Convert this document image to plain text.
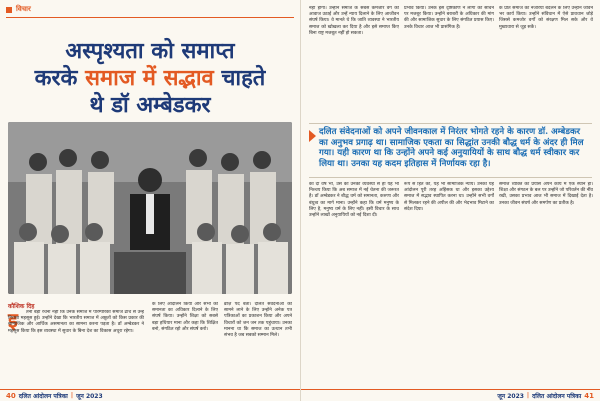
विचार
अस्पृश्यता को समाप्त
करके समाज में सद्भाव चाहते
थे डॉ अम्बेडकर
कौशिक दिह
इ	तनी बड़ी रचना नहीं कि उनके समाज में पारम्परिकी समाज ढांचे से उन्हें निराशा महसूस हुई। उन्होंने देखा कि भारतीय समाज में अछूतों को किस प्रकार की सामाजिक और आर्थिक असमानता का सामना करना पड़ता है। डॉ अम्बेडकर ने महसूस किया कि इस व्यवस्था में सुधार के बिना देश का विकास अधूरा रहेगा।

के लिए आंदोलन किया और सभी को समानता का अधिकार दिलाने के लिए संघर्ष किया। उन्होंने शिक्षा को सबसे बड़ा हथियार माना और कहा कि शिक्षित बनो, संगठित रहो और संघर्ष करो।

ब्रीज़ पद बता। दलित संवेदनाओं को सामने लाने के लिए उन्होंने अनेक पत्र पत्रिकाओं का प्रकाशन किया और अपने विचारों को जन जन तक पहुंचाया। उनका मानना था कि समाज का उत्थान तभी संभव है जब सबको सम्मान मिले।

40 दलित आंदोलन पत्रिका | जून 2023

नहीं होगा। उन्होंने समाज के सबसे कमजोर वर्ग की आवाज उठाई और उन्हें न्याय दिलाने के लिए आजीवन संघर्ष किया। वे मानते थे कि जाति व्यवस्था ने भारतीय समाज को खोखला कर दिया है और इसे समाप्त किए बिना राष्ट्र मजबूत नहीं हो सकता।

प्रभाव किया। उनके इस दृष्टिकोण ने लोगों को सोचने पर मजबूर किया। उन्होंने बराबरी के अधिकार की मांग की और सामाजिक सुधार के लिए संगठित प्रयास किए। उनके विचार आज भी प्रासंगिक हैं।

के प्रति समाज का नजरिया बदलने के लिए उन्होंने जीवन भर कार्य किया। उन्होंने संविधान में ऐसे प्रावधान जोड़े जिससे कमजोर वर्गों को संरक्षण मिल सके और वे मुख्यधारा से जुड़ सकें।

दलित संवेदनाओं को अपने जीवनकाल में निरंतर भोगते रहने के कारण डॉ. अम्बेडकर का अनुभव प्रगाढ़ था। सामाजिक एकता का सिद्धांत उनकी बौद्ध धर्म के अंदर ही मिल गया। यही कारण था कि उन्होंने अपने कई अनुयायियों के साथ बौद्ध धर्म स्वीकार कर लिया था। उनका यह कदम इतिहास में निर्णायक रहा है।

का दो वर्ष भी, उस की उनकी व्यवस्था से ही यह भी निश्चय किया कि अब समाज में नई चेतना की जरूरत है। डॉ अम्बेडकर ने बौद्ध धर्म को समानता, करुणा और बंधुत्व का मार्ग माना। उन्होंने कहा कि धर्म मनुष्य के लिए है, मनुष्य धर्म के लिए नहीं। इसी विचार के साथ उन्होंने लाखों अनुयायियों को नई दिशा दी।

रूप से हित को, यह भी सामाजिक न्याय। उनका यह आंदोलन पूरी तरह अहिंसक था और इसका उद्देश्य समाज में सद्भाव स्थापित करना था। उन्होंने सभी वर्गों से मिलकर रहने की अपील की और भेदभाव मिटाने का संदेश दिया।

समाज व्यक्ति का प्रयास अपने कार्य में एक स्थान हो। शिक्षा और संगठन के बल पर उन्होंने जो परिवर्तन की नींव रखी, उसका प्रभाव आज भी समाज में दिखाई देता है। उनका जीवन संघर्ष और समर्पण का प्रतीक है।

जून 2023 | दलित आंदोलन पत्रिका 41
